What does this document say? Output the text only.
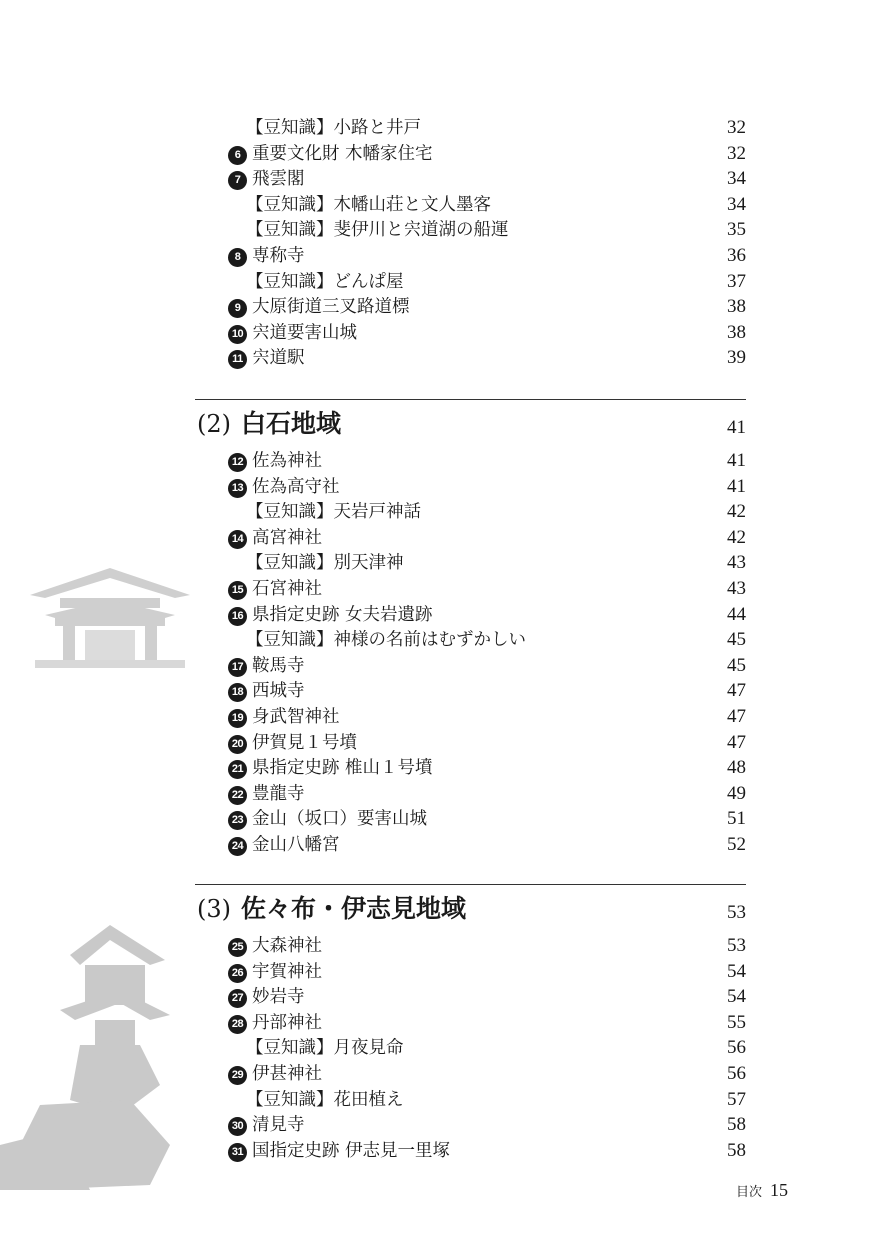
【豆知識】小路と井戸	32
6 重要文化財 木幡家住宅	32
7 飛雲閣	34
【豆知識】木幡山荘と文人墨客	34
【豆知識】斐伊川と宍道湖の船運	35
8 専称寺	36
【豆知識】どんぱ屋	37
9 大原街道三叉路道標	38
10 宍道要害山城	38
11 宍道駅	39
(2) 白石地域	41
12 佐為神社	41
13 佐為高守社	41
【豆知識】天岩戸神話	42
14 高宮神社	42
【豆知識】別天津神	43
15 石宮神社	43
16 県指定史跡 女夫岩遺跡	44
【豆知識】神様の名前はむずかしい	45
17 鞍馬寺	45
18 西城寺	47
19 身武智神社	47
20 伊賀見１号墳	47
21 県指定史跡 椎山１号墳	48
22 豊龍寺	49
23 金山（坂口）要害山城	51
24 金山八幡宮	52
(3) 佐々布・伊志見地域	53
25 大森神社	53
26 宇賀神社	54
27 妙岩寺	54
28 丹部神社	55
【豆知識】月夜見命	56
29 伊甚神社	56
【豆知識】花田植え	57
30 清見寺	58
31 国指定史跡 伊志見一里塚	58
目次 15
